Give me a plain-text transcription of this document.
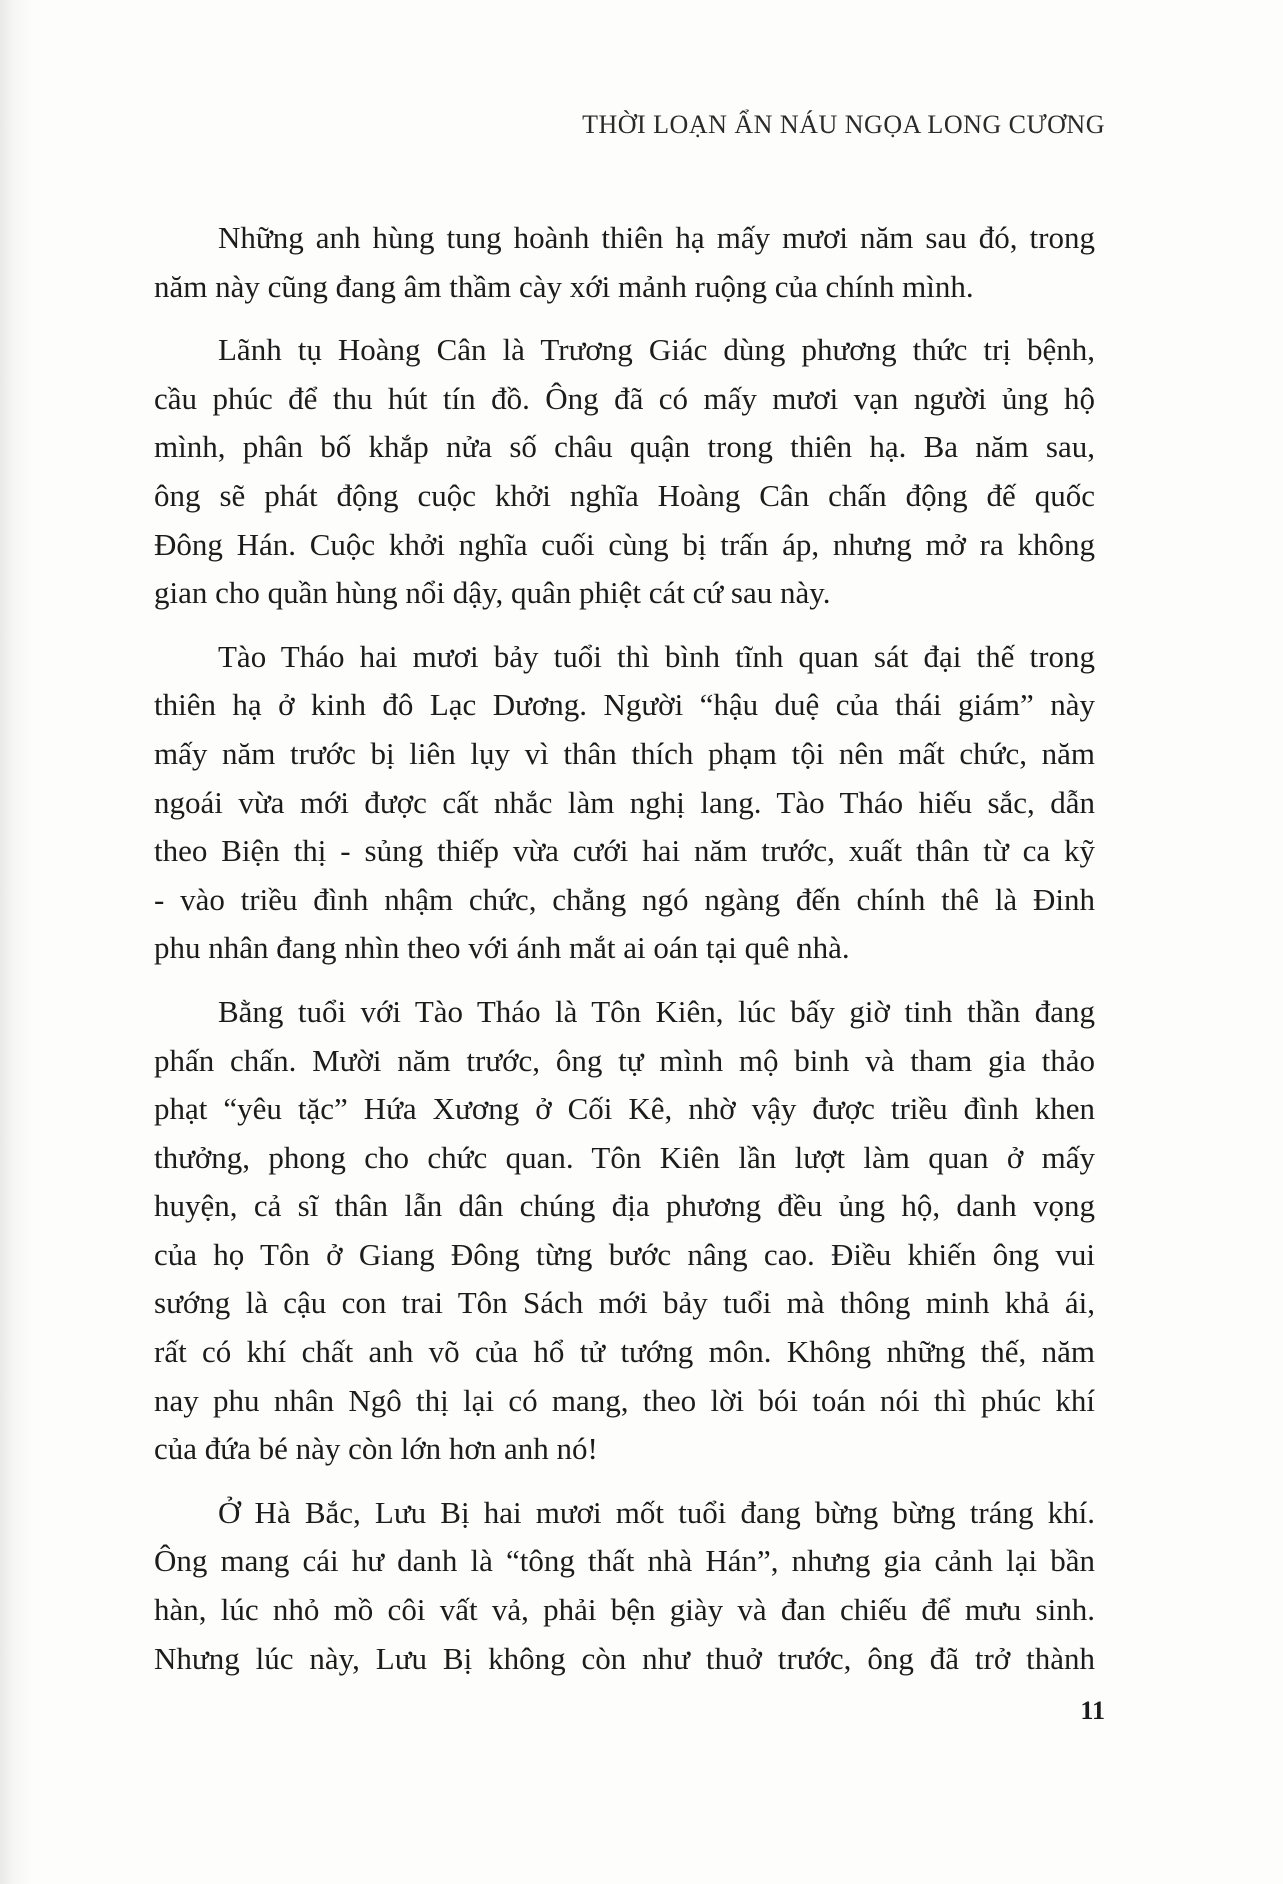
THỜI LOẠN ẨN NÁU NGỌA LONG CƯƠNG

Những anh hùng tung hoành thiên hạ mấy mươi năm sau đó, trong
năm này cũng đang âm thầm cày xới mảnh ruộng của chính mình.

Lãnh tụ Hoàng Cân là Trương Giác dùng phương thức trị bệnh,
cầu phúc để thu hút tín đồ. Ông đã có mấy mươi vạn người ủng hộ
mình, phân bố khắp nửa số châu quận trong thiên hạ. Ba năm sau,
ông sẽ phát động cuộc khởi nghĩa Hoàng Cân chấn động đế quốc
Đông Hán. Cuộc khởi nghĩa cuối cùng bị trấn áp, nhưng mở ra không
gian cho quần hùng nổi dậy, quân phiệt cát cứ sau này.

Tào Tháo hai mươi bảy tuổi thì bình tĩnh quan sát đại thế trong
thiên hạ ở kinh đô Lạc Dương. Người “hậu duệ của thái giám” này
mấy năm trước bị liên lụy vì thân thích phạm tội nên mất chức, năm
ngoái vừa mới được cất nhắc làm nghị lang. Tào Tháo hiếu sắc, dẫn
theo Biện thị - sủng thiếp vừa cưới hai năm trước, xuất thân từ ca kỹ
- vào triều đình nhậm chức, chẳng ngó ngàng đến chính thê là Đinh
phu nhân đang nhìn theo với ánh mắt ai oán tại quê nhà.

Bằng tuổi với Tào Tháo là Tôn Kiên, lúc bấy giờ tinh thần đang
phấn chấn. Mười năm trước, ông tự mình mộ binh và tham gia thảo
phạt “yêu tặc” Hứa Xương ở Cối Kê, nhờ vậy được triều đình khen
thưởng, phong cho chức quan. Tôn Kiên lần lượt làm quan ở mấy
huyện, cả sĩ thân lẫn dân chúng địa phương đều ủng hộ, danh vọng
của họ Tôn ở Giang Đông từng bước nâng cao. Điều khiến ông vui
sướng là cậu con trai Tôn Sách mới bảy tuổi mà thông minh khả ái,
rất có khí chất anh võ của hổ tử tướng môn. Không những thế, năm
nay phu nhân Ngô thị lại có mang, theo lời bói toán nói thì phúc khí
của đứa bé này còn lớn hơn anh nó!

Ở Hà Bắc, Lưu Bị hai mươi mốt tuổi đang bừng bừng tráng khí.
Ông mang cái hư danh là “tông thất nhà Hán”, nhưng gia cảnh lại bần
hàn, lúc nhỏ mồ côi vất vả, phải bện giày và đan chiếu để mưu sinh.
Nhưng lúc này, Lưu Bị không còn như thuở trước, ông đã trở thành

11
